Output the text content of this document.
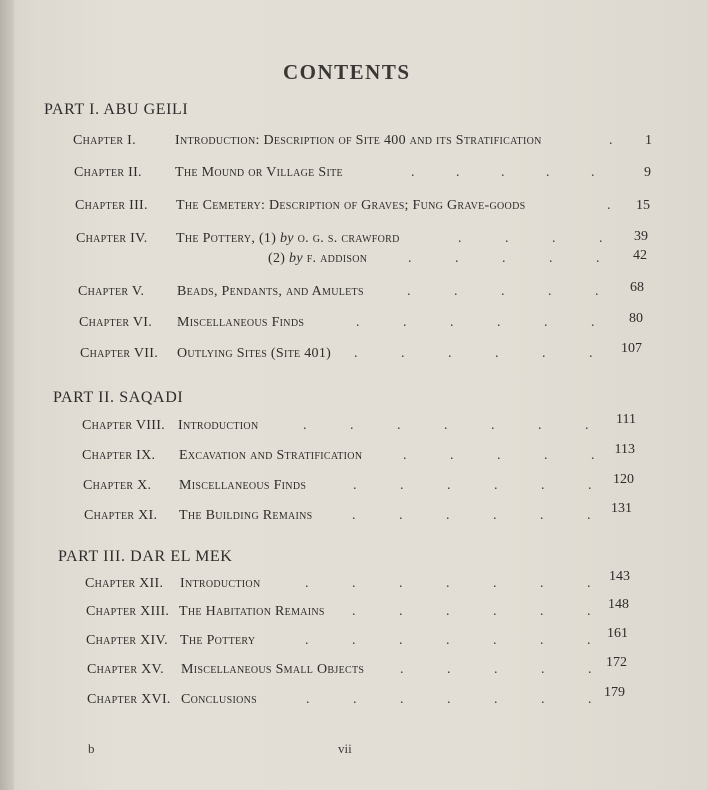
CONTENTS
PART I. ABU GEILI
Chapter I.	Introduction: Description of Site 400 and its Stratification	.	1
Chapter II. The Mound or Village Site	. . . . .	9
Chapter III. The Cemetery: Description of Graves; Fung Grave-goods	.	15
Chapter IV. The Pottery, (1) by o. g. s. crawford	. . . .	39
(2) by f. addison	. . . . .	42
Chapter V. Beads, Pendants, and Amulets	. . . . .	68
Chapter VI. Miscellaneous Finds	. . . . . .	80
Chapter VII. Outlying Sites (Site 401) . . . . . .	107
PART II. SAQADI
Chapter VIII. Introduction	. . . . . . .	111
Chapter IX. Excavation and Stratification	. . . . .	113
Chapter X. Miscellaneous Finds	. . . . . .	120
Chapter XI. The Building Remains	. . . . . .	131
PART III. DAR EL MEK
Chapter XII. Introduction	. . . . . . .	143
Chapter XIII. The Habitation Remains . . . . . .	148
Chapter XIV. The Pottery	. . . . . . .	161
Chapter XV. Miscellaneous Small Objects	. . . . .	172
Chapter XVI. Conclusions	. . . . . . . 179
b	vii
